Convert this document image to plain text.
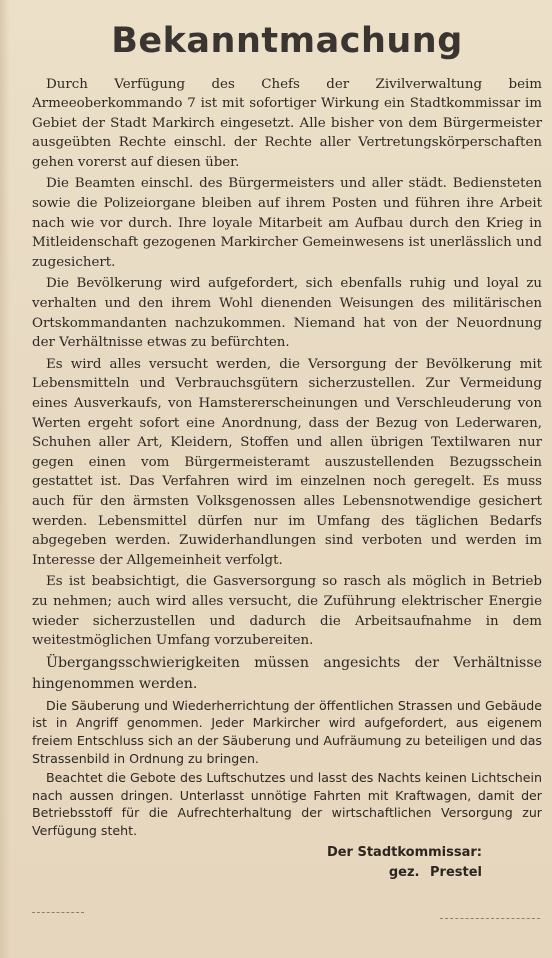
Bekanntmachung

Durch Verfügung des Chefs der Zivilverwaltung beim Armeeoberkommando 7 ist mit sofortiger Wirkung ein Stadtkommissar im Gebiet der Stadt Markirch eingesetzt. Alle bisher von dem Bürgermeister ausgeübten Rechte einschl. der Rechte aller Vertretungskörperschaften gehen vorerst auf diesen über.

Die Beamten einschl. des Bürgermeisters und aller städt. Bediensteten sowie die Polizeiorgane bleiben auf ihrem Posten und führen ihre Arbeit nach wie vor durch. Ihre loyale Mitarbeit am Aufbau durch den Krieg in Mitleidenschaft gezogenen Markircher Gemeinwesens ist unerlässlich und zugesichert.

Die Bevölkerung wird aufgefordert, sich ebenfalls ruhig und loyal zu verhalten und den ihrem Wohl dienenden Weisungen des militärischen Ortskommandanten nachzukommen. Niemand hat von der Neuordnung der Verhältnisse etwas zu befürchten.

Es wird alles versucht werden, die Versorgung der Bevölkerung mit Lebensmitteln und Verbrauchsgütern sicherzustellen. Zur Vermeidung eines Ausverkaufs, von Hamstererscheinungen und Verschleuderung von Werten ergeht sofort eine Anordnung, dass der Bezug von Lederwaren, Schuhen aller Art, Kleidern, Stoffen und allen übrigen Textilwaren nur gegen einen vom Bürgermeisteramt auszustellenden Bezugsschein gestattet ist. Das Verfahren wird im einzelnen noch geregelt. Es muss auch für den ärmsten Volksgenossen alles Lebensnotwendige gesichert werden. Lebensmittel dürfen nur im Umfang des täglichen Bedarfs abgegeben werden. Zuwiderhandlungen sind verboten und werden im Interesse der Allgemeinheit verfolgt.

Es ist beabsichtigt, die Gasversorgung so rasch als möglich in Betrieb zu nehmen; auch wird alles versucht, die Zuführung elektrischer Energie wieder sicherzustellen und dadurch die Arbeitsaufnahme in dem weitestmöglichen Umfang vorzubereiten.

Übergangsschwierigkeiten müssen angesichts der Verhältnisse hingenommen werden.

Die Säuberung und Wiederherrichtung der öffentlichen Strassen und Gebäude ist in Angriff genommen. Jeder Markircher wird aufgefordert, aus eigenem freiem Entschluss sich an der Säuberung und Aufräumung zu beteiligen und das Strassenbild in Ordnung zu bringen.

Beachtet die Gebote des Luftschutzes und lasst des Nachts keinen Lichtschein nach aussen dringen. Unterlasst unnötige Fahrten mit Kraftwagen, damit der Betriebsstoff für die Aufrechterhaltung der wirtschaftlichen Versorgung zur Verfügung steht.

Der Stadtkommissar:
gez. Prestel
